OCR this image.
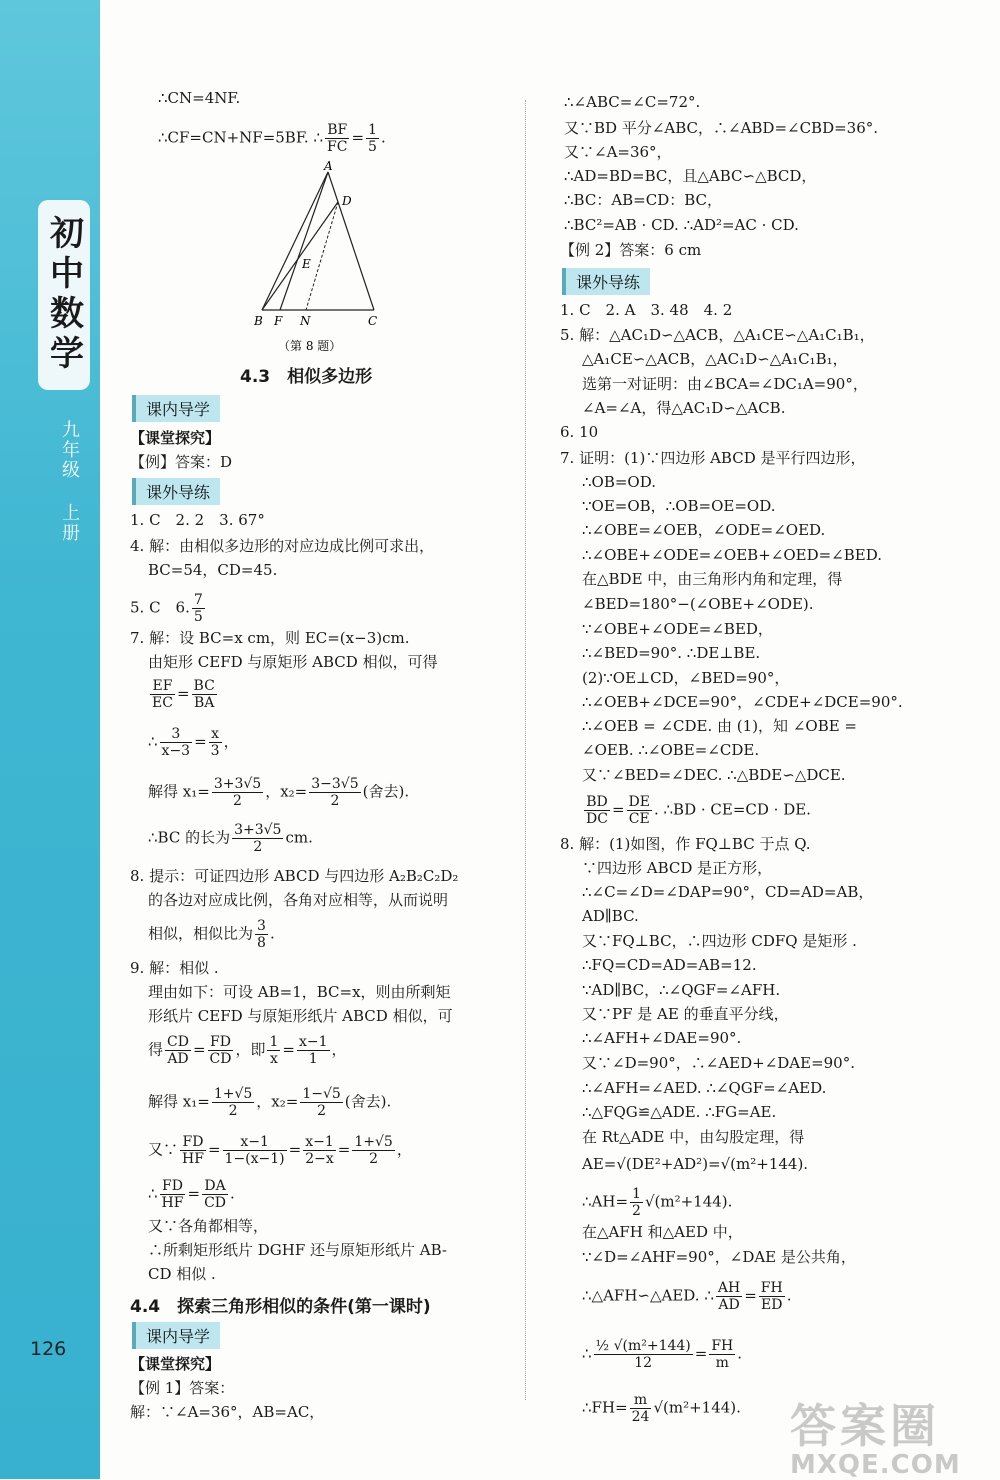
初中数学
九年级 上册
126
∴CN=4NF.
∴CF=CN+NF=5BF. ∴ $\frac{BF}{FC} = \frac{1}{5}$ .
A
D
E
B F N	C
（第 8 题）
4.3　相似多边形
课内导学
【课堂探究】
【例】答案：D
课外导练
1. C　2. 2　3. 67°
4. 解：由相似多边形的对应边成比例可求出，
BC=54，CD=45.
5. C　6. $\frac{7}{5}$
7. 解：设 BC=x cm，则 EC=(x−3)cm.
由矩形 CEFD 与原矩形 ABCD 相似，可得
$\frac{EF}{EC} = \frac{BC}{BA}$
∴ $\frac{3}{x-3} = \frac{x}{3}$ ，
解得 $x_1= \frac{3+3√5}{2}$ ，$x_2= \frac{3-3√5}{2}$ (舍去).
∴BC 的长为 $\frac{3+3√5}{2}$ cm.
8. 提示：可证四边形 ABCD 与四边形 A₂B₂C₂D₂
的各边对应成比例，各角对应相等，从而说明
相似，相似比为 $\frac{3}{8}$ .
9. 解：相似 .
理由如下：可设 AB=1，BC=x，则由所剩矩
形纸片 CEFD 与原矩形纸片 ABCD 相似，可
得 $\frac{CD}{AD} = \frac{FD}{CD}$ ，即 $\frac{1}{x} = \frac{x-1}{1}$ ，
解得 $x_1= \frac{1+√5}{2}$ ，$x_2= \frac{1-√5}{2}$ (舍去).
又∵ $\frac{FD}{HF} = \frac{x-1}{1-(x-1)} = \frac{x-1}{2-x} = \frac{1+√5}{2}$ ，
∴ $\frac{FD}{HF} = \frac{DA}{CD}$ .
又∵各角都相等，
∴所剩矩形纸片 DGHF 还与原矩形纸片 AB-
CD 相似 .
4.4　探索三角形相似的条件(第一课时)
课内导学
【课堂探究】
【例 1】答案：
解：∵∠A=36°，AB=AC，
∴∠ABC=∠C=72°.
又∵BD 平分∠ABC，∴∠ABD=∠CBD=36°.
又∵∠A=36°，
∴AD=BD=BC，且△ABC∽△BCD，
∴BC：AB=CD：BC，
∴BC²=AB · CD. ∴AD²=AC · CD.
【例 2】答案：6 cm
课外导练
1. C　2. A　3. 48　4. 2
5. 解：△AC₁D∽△ACB，△A₁CE∽△A₁C₁B₁，
△A₁CE∽△ACB，△AC₁D∽△A₁C₁B₁，
选第一对证明：由∠BCA=∠DC₁A=90°，
∠A=∠A，得△AC₁D∽△ACB.
6. 10
7. 证明：(1)∵四边形 ABCD 是平行四边形，
∴OB=OD.
∵OE=OB，∴OB=OE=OD.
∴∠OBE=∠OEB，∠ODE=∠OED.
∴∠OBE+∠ODE=∠OEB+∠OED=∠BED.
在△BDE 中，由三角形内角和定理，得
∠BED=180°−(∠OBE+∠ODE).
∵∠OBE+∠ODE=∠BED，
∴∠BED=90°. ∴DE⊥BE.
(2)∵OE⊥CD，∠BED=90°，
∴∠OEB+∠DCE=90°，∠CDE+∠DCE=90°.
∴∠OEB = ∠CDE. 由 (1)，知 ∠OBE =
∠OEB. ∴∠OBE=∠CDE.
又∵∠BED=∠DEC. ∴△BDE∽△DCE.
$\frac{BD}{DC} = \frac{DE}{CE}$ . ∴BD · CE=CD · DE.
8. 解：(1)如图，作 FQ⊥BC 于点 Q.
∵四边形 ABCD 是正方形，
∴∠C=∠D=∠DAP=90°，CD=AD=AB，
AD∥BC.
又∵FQ⊥BC，∴四边形 CDFQ 是矩形 .
∴FQ=CD=AD=AB=12.
∵AD∥BC，∴∠QGF=∠AFH.
又∵PF 是 AE 的垂直平分线，
∴∠AFH+∠DAE=90°.
又∵∠D=90°，∴∠AED+∠DAE=90°.
∴∠AFH=∠AED. ∴∠QGF=∠AED.
∴△FQG≌△ADE. ∴FG=AE.
在 Rt△ADE 中，由勾股定理，得
AE=√(DE²+AD²)=√(m²+144).
∴AH= $\frac{1}{2} √(m^2+144)$.
在△AFH 和△AED 中，
∵∠D=∠AHF=90°，∠DAE 是公共角，
∴△AFH∽△AED. ∴ $\frac{AH}{AD} = \frac{FH}{ED}$ .
∴ $\frac{\text{½ √(m²+144)}}{12} = \frac{FH}{m}$ .
∴FH= $\frac{m}{24} √(m^2+144)$. 答案圈
MXQE.COM
